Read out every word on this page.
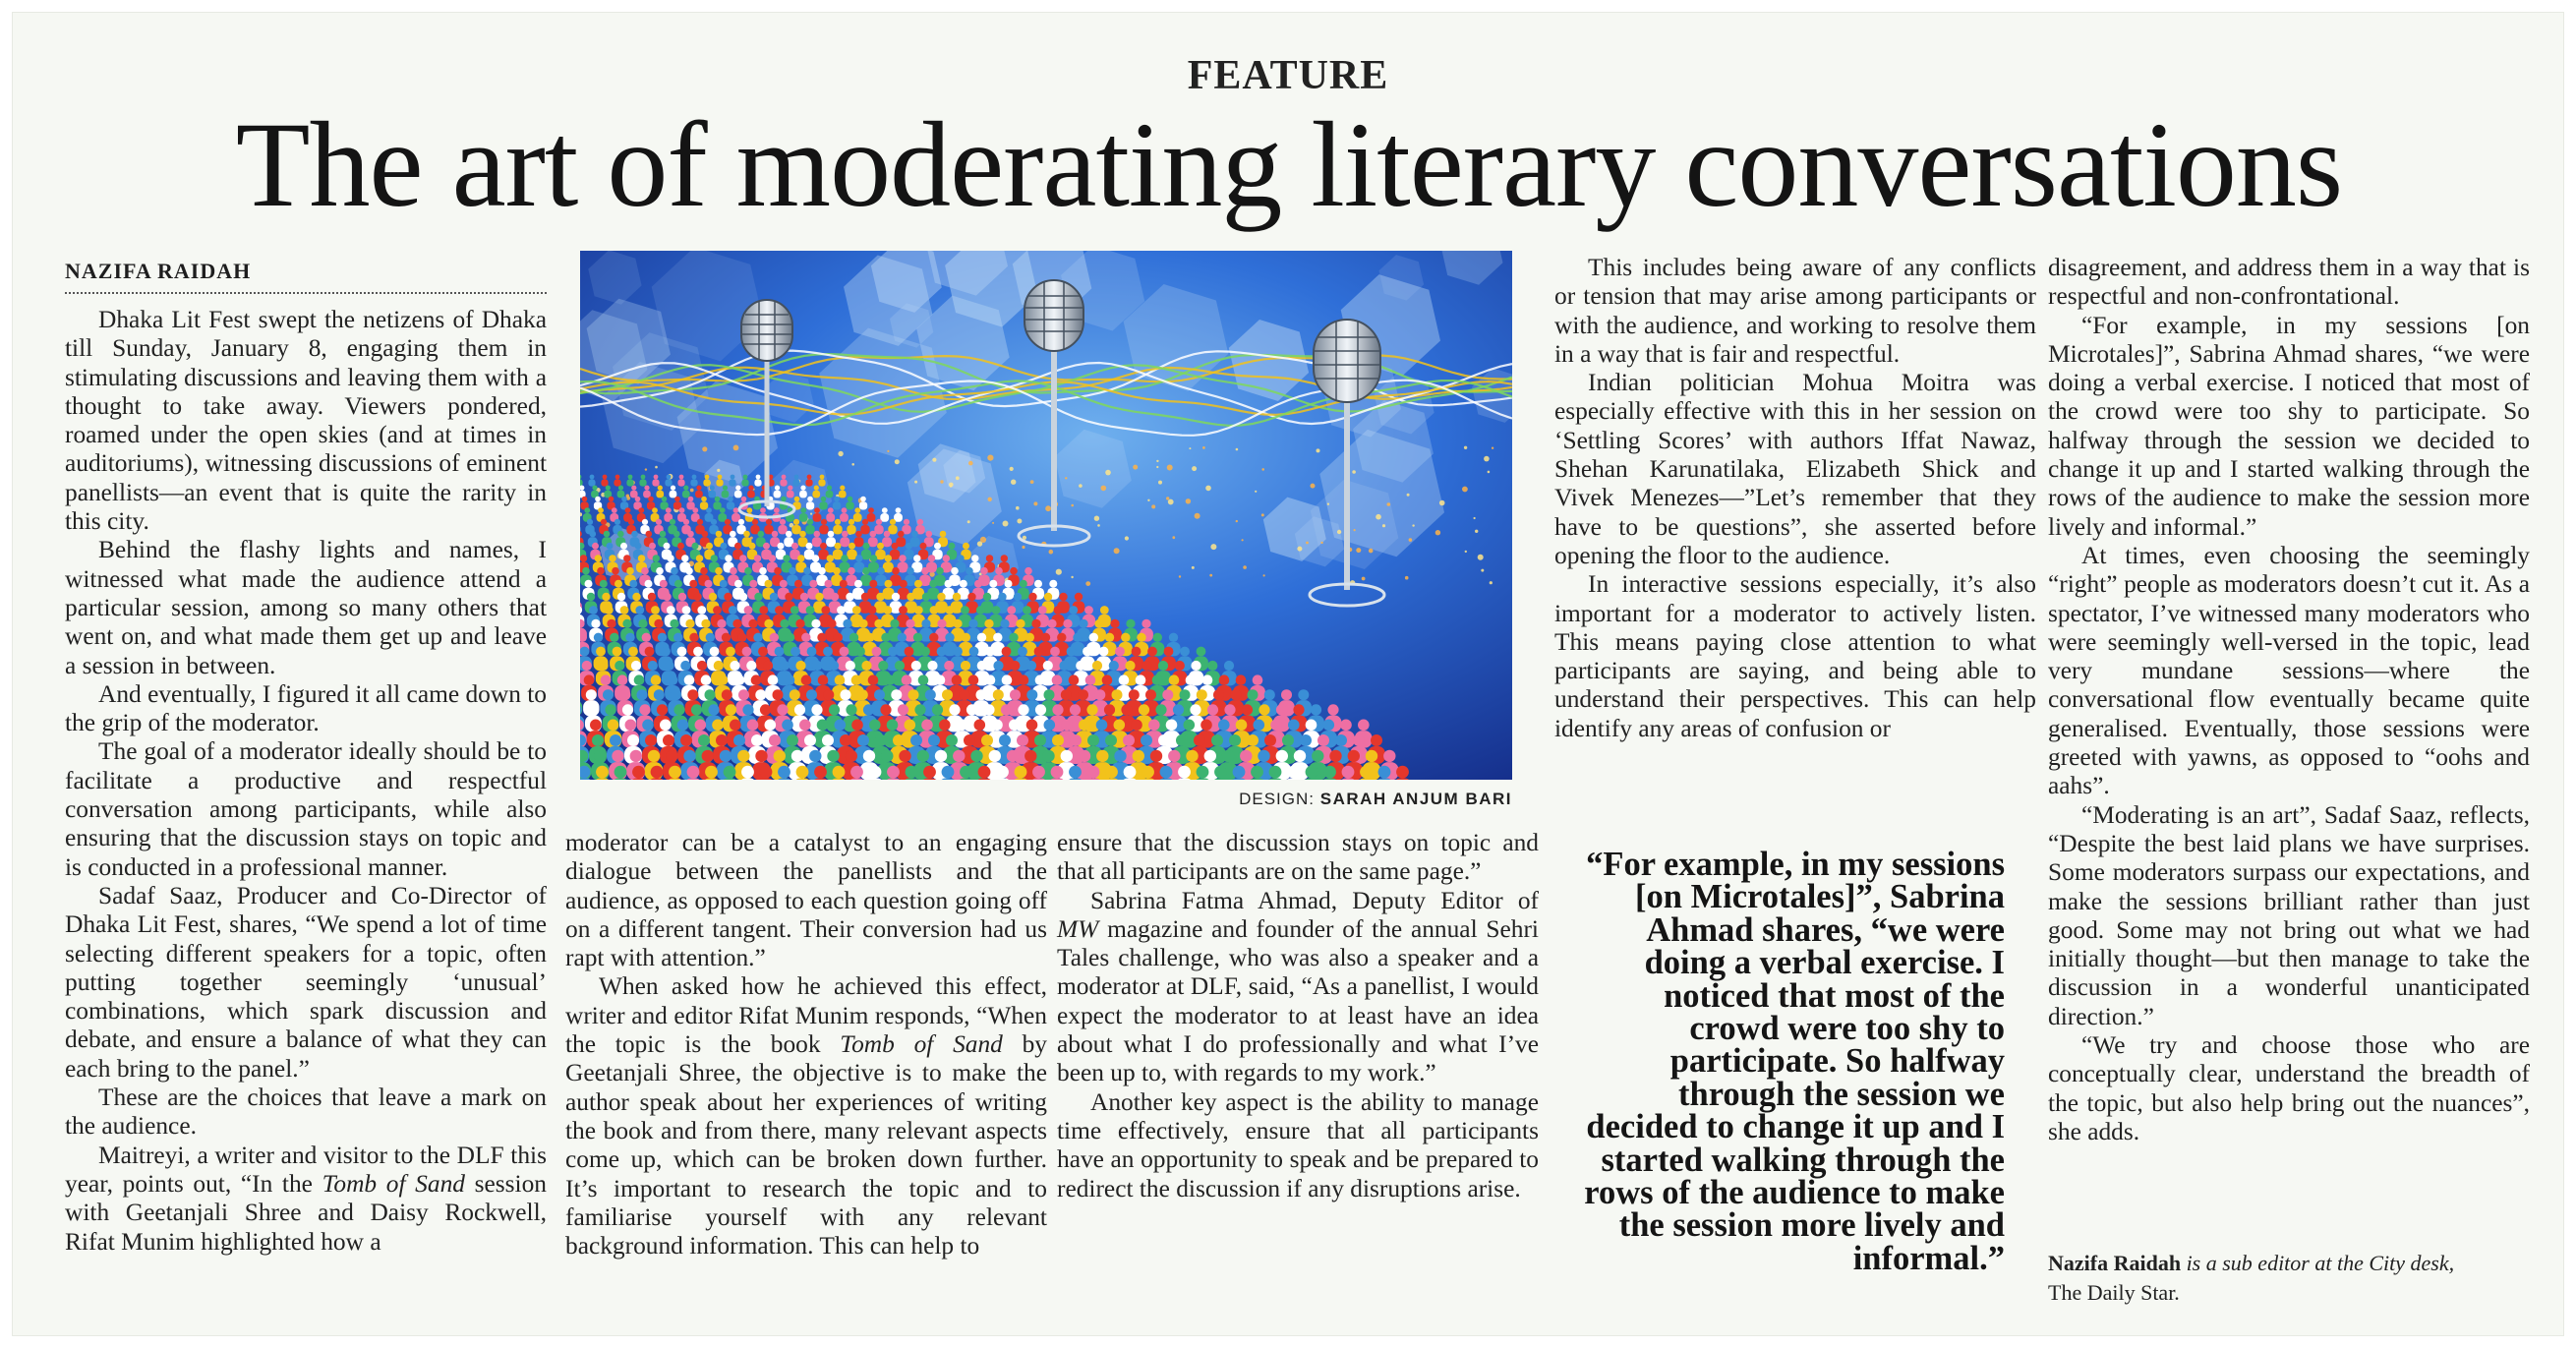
FEATURE
The art of moderating literary conversations
NAZIFA RAIDAH

Dhaka Lit Fest swept the netizens of Dhaka till Sunday, January 8, engaging them in stimulating discussions and leaving them with a thought to take away. Viewers pondered, roamed under the open skies (and at times in auditoriums), witnessing discussions of eminent panellists—an event that is quite the rarity in this city.

Behind the flashy lights and names, I witnessed what made the audience attend a particular session, among so many others that went on, and what made them get up and leave a session in between.

And eventually, I figured it all came down to the grip of the moderator.

The goal of a moderator ideally should be to facilitate a productive and respectful conversation among participants, while also ensuring that the discussion stays on topic and is conducted in a professional manner.

Sadaf Saaz, Producer and Co-Director of Dhaka Lit Fest, shares, “We spend a lot of time selecting different speakers for a topic, often putting together seemingly ‘unusual’ combinations, which spark discussion and debate, and ensure a balance of what they can each bring to the panel.”

These are the choices that leave a mark on the audience.

Maitreyi, a writer and visitor to the DLF this year, points out, “In the Tomb of Sand session with Geetanjali Shree and Daisy Rockwell, Rifat Munim highlighted how a

DESIGN: SARAH ANJUM BARI

moderator can be a catalyst to an engaging dialogue between the panellists and the audience, as opposed to each question going off on a different tangent. Their conversion had us rapt with attention.”

When asked how he achieved this effect, writer and editor Rifat Munim responds, “When the topic is the book Tomb of Sand by Geetanjali Shree, the objective is to make the author speak about her experiences of writing the book and from there, many relevant aspects come up, which can be broken down further. It’s important to research the topic and to familiarise yourself with any relevant background information. This can help to

ensure that the discussion stays on topic and that all participants are on the same page.”

Sabrina Fatma Ahmad, Deputy Editor of MW magazine and founder of the annual Sehri Tales challenge, who was also a speaker and a moderator at DLF, said, “As a panellist, I would expect the moderator to at least have an idea about what I do professionally and what I’ve been up to, with regards to my work.”

Another key aspect is the ability to manage time effectively, ensure that all participants have an opportunity to speak and be prepared to redirect the discussion if any disruptions arise.

This includes being aware of any conflicts or tension that may arise among participants or with the audience, and working to resolve them in a way that is fair and respectful.

Indian politician Mohua Moitra was especially effective with this in her session on ‘Settling Scores’ with authors Iffat Nawaz, Shehan Karunatilaka, Elizabeth Shick and Vivek Menezes—”Let’s remember that they have to be questions”, she asserted before opening the floor to the audience.

In interactive sessions especially, it’s also important for a moderator to actively listen. This means paying close attention to what participants are saying, and being able to understand their perspectives. This can help identify any areas of confusion or

“For example, in my sessions [on Microtales]”, Sabrina Ahmad shares, “we were doing a verbal exercise. I noticed that most of the crowd were too shy to participate. So halfway through the session we decided to change it up and I started walking through the rows of the audience to make the session more lively and informal.”

disagreement, and address them in a way that is respectful and non-confrontational.

“For example, in my sessions [on Microtales]”, Sabrina Ahmad shares, “we were doing a verbal exercise. I noticed that most of the crowd were too shy to participate. So halfway through the session we decided to change it up and I started walking through the rows of the audience to make the session more lively and informal.”

At times, even choosing the seemingly “right” people as moderators doesn’t cut it. As a spectator, I’ve witnessed many moderators who were seemingly well-versed in the topic, lead very mundane sessions—where the conversational flow eventually became quite generalised. Eventually, those sessions were greeted with yawns, as opposed to “oohs and aahs”.

“Moderating is an art”, Sadaf Saaz, reflects, “Despite the best laid plans we have surprises. Some moderators surpass our expectations, and make the sessions brilliant rather than just good. Some may not bring out what we had initially thought—but then manage to take the discussion in a wonderful unanticipated direction.”

“We try and choose those who are conceptually clear, understand the breadth of the topic, but also help bring out the nuances”, she adds.

Nazifa Raidah is a sub editor at the City desk,
The Daily Star.
